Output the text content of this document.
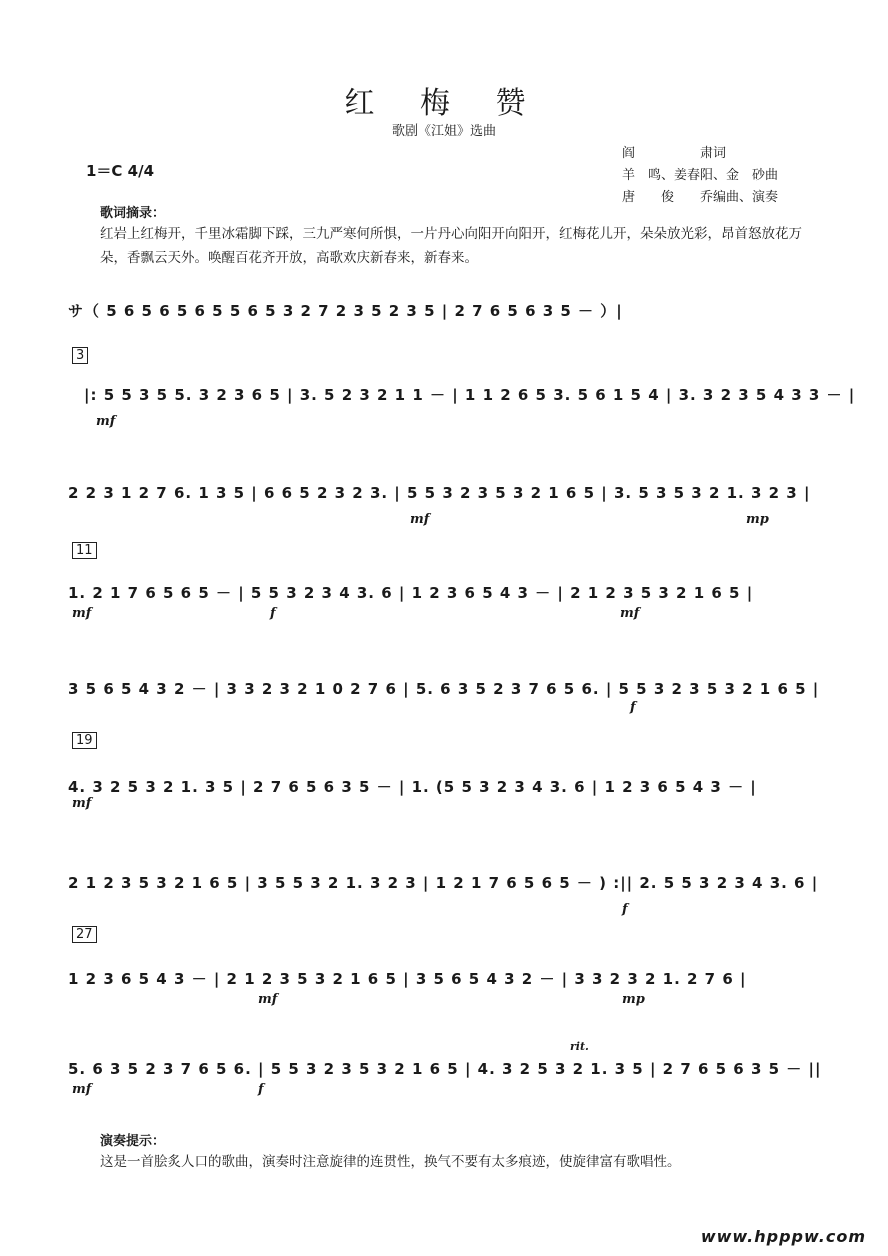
红 梅 赞
歌剧《江姐》选曲
阎　　　　　肃词
羊　鸣、姜春阳、金　砂曲
唐　　俊　　乔编曲、演奏
1＝C 4/4
歌词摘录：
红岩上红梅开，千里冰霜脚下踩，三九严寒何所惧，一片丹心向阳开向阳开，红梅花儿开，朵朵放光彩，昂首怒放花万朵，香飘云天外。唤醒百花齐开放，高歌欢庆新春来，新春来。
サ（ 5 6 5 6 5 6 5 5 6 5 3 2 7 2 3 5 2 3 5 | 2 7 6 5 6 3 5 － ）|
3
|: 5 5 3 5 5. 3 2 3 6 5 | 3. 5 2 3 2 1 1 － | 1 1 2 6 5 3. 5 6 1 5 4 | 3. 3 2 3 5 4 3 3 － |
mf
2 2 3 1 2 7 6. 1 3 5 | 6 6 5 2 3 2 3. | 5 5 3 2 3 5 3 2 1 6 5 | 3. 5 3 5 3 2 1. 3 2 3 |
mf	mp
11
1. 2 1 7 6 5 6 5 － | 5 5 3 2 3 4 3. 6 | 1 2 3 6 5 4 3 － | 2 1 2 3 5 3 2 1 6 5 |
mf	f	mf
3 5 6 5 4 3 2 － | 3 3 2 3 2 1 0 2 7 6 | 5. 6 3 5 2 3 7 6 5 6. | 5 5 3 2 3 5 3 2 1 6 5 |
f
19
4. 3 2 5 3 2 1. 3 5 | 2 7 6 5 6 3 5 － | 1. (5 5 3 2 3 4 3. 6 | 1 2 3 6 5 4 3 － |
mf
2 1 2 3 5 3 2 1 6 5 | 3 5 5 3 2 1. 3 2 3 | 1 2 1 7 6 5 6 5 － ) :|| 2. 5 5 3 2 3 4 3. 6 |
f
27
1 2 3 6 5 4 3 － | 2 1 2 3 5 3 2 1 6 5 | 3 5 6 5 4 3 2 － | 3 3 2 3 2 1. 2 7 6 |
mf	mp
5. 6 3 5 2 3 7 6 5 6. | 5 5 3 2 3 5 3 2 1 6 5 | 4. 3 2 5 3 2 1. 3 5 | 2 7 6 5 6 3 5 － ||
mf	f
rit.
演奏提示：
这是一首脍炙人口的歌曲，演奏时注意旋律的连贯性，换气不要有太多痕迹，使旋律富有歌唱性。
www.hpppw.com
